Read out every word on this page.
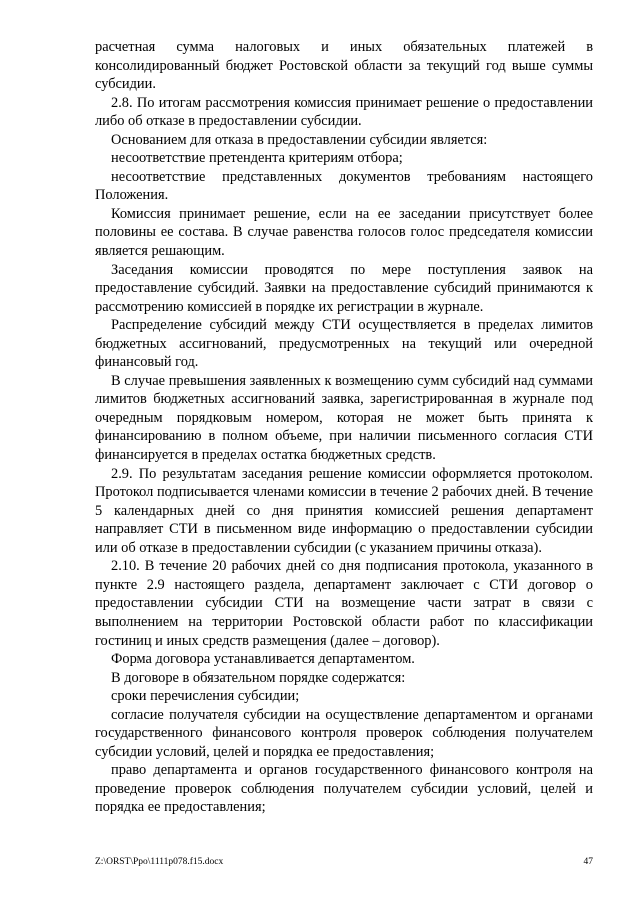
расчетная сумма налоговых и иных обязательных платежей в консолидированный бюджет Ростовской области за текущий год выше суммы субсидии.

2.8. По итогам рассмотрения комиссия принимает решение о предоставлении либо об отказе в предоставлении субсидии.

Основанием для отказа в предоставлении субсидии является:

несоответствие претендента критериям отбора;

несоответствие представленных документов требованиям настоящего Положения.

Комиссия принимает решение, если на ее заседании присутствует более половины ее состава. В случае равенства голосов голос председателя комиссии является решающим.

Заседания комиссии проводятся по мере поступления заявок на предоставление субсидий. Заявки на предоставление субсидий принимаются к рассмотрению комиссией в порядке их регистрации в журнале.

Распределение субсидий между СТИ осуществляется в пределах лимитов бюджетных ассигнований, предусмотренных на текущий или очередной финансовый год.

В случае превышения заявленных к возмещению сумм субсидий над суммами лимитов бюджетных ассигнований заявка, зарегистрированная в журнале под очередным порядковым номером, которая не может быть принята к финансированию в полном объеме, при наличии письменного согласия СТИ финансируется в пределах остатка бюджетных средств.

2.9. По результатам заседания решение комиссии оформляется протоколом. Протокол подписывается членами комиссии в течение 2 рабочих дней. В течение 5 календарных дней со дня принятия комиссией решения департамент направляет СТИ в письменном виде информацию о предоставлении субсидии или об отказе в предоставлении субсидии (с указанием причины отказа).

2.10. В течение 20 рабочих дней со дня подписания протокола, указанного в пункте 2.9 настоящего раздела, департамент заключает с СТИ договор о предоставлении субсидии СТИ на возмещение части затрат в связи с выполнением на территории Ростовской области работ по классификации гостиниц и иных средств размещения (далее – договор).

Форма договора устанавливается департаментом.

В договоре в обязательном порядке содержатся:

сроки перечисления субсидии;

согласие получателя субсидии на осуществление департаментом и органами государственного финансового контроля проверок соблюдения получателем субсидии условий, целей и порядка ее предоставления;

право департамента и органов государственного финансового контроля на проведение проверок соблюдения получателем субсидии условий, целей и порядка ее предоставления;

Z:\ORST\Ppo\1111p078.f15.docx	47
